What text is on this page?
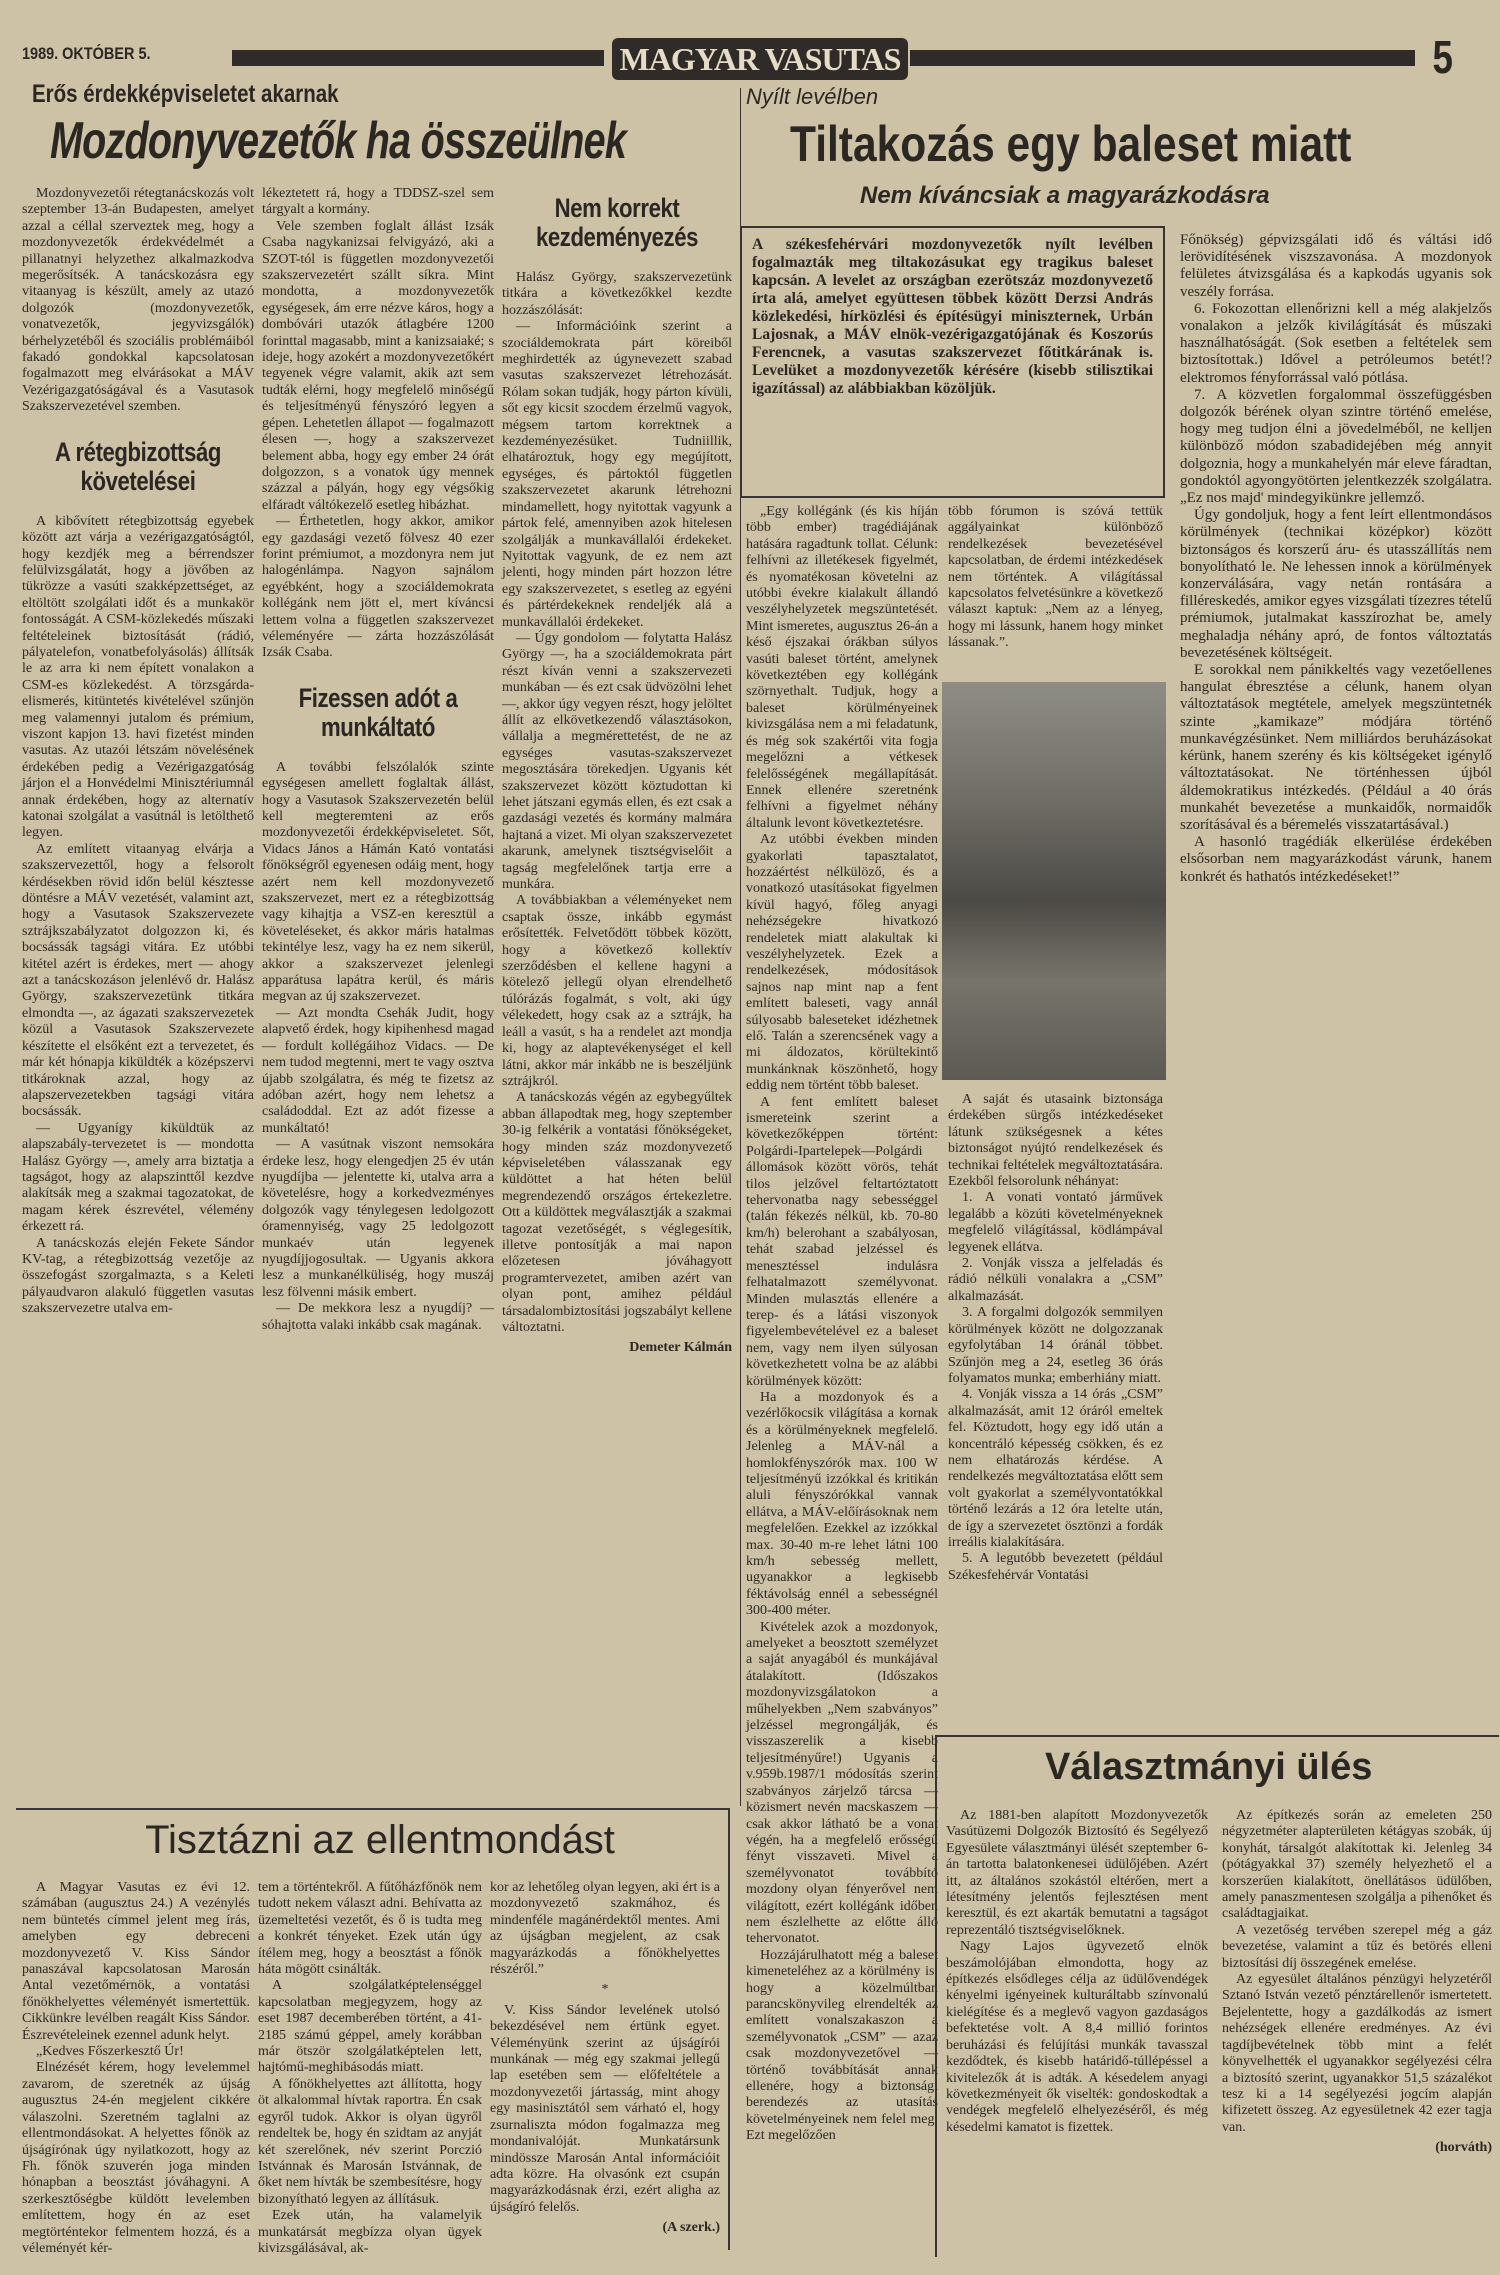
1989. OKTÓBER 5.	MAGYAR VASUTAS	5
Erős érdekképviseletet akarnak
Mozdonyvezetők ha összeülnek

Mozdonyvezetői rétegtanácskozás volt szeptember 13-án Budapesten, amelyet azzal a céllal szerveztek meg, hogy a mozdonyvezetők érdekvédelmét a pillanatnyi helyzethez alkalmazkodva megerősítsék. A tanácskozásra egy vitaanyag is készült, amely az utazó dolgozók (mozdonyvezetők, vonatvezetők, jegyvizsgálók) bérhelyzetéből és szociális problémáiból fakadó gondokkal kapcsolatosan fogalmazott meg elvárásokat a MÁV Vezérigazgatóságával és a Vasutasok Szakszervezetével szemben.

A rétegbizottság követelései

A kibővített rétegbizottság egyebek között azt várja a vezérigazgatóságtól, hogy kezdjék meg a bérrendszer felülvizsgálatát, hogy a jövőben az tükrözze a vasúti szakképzettséget, az eltöltött szolgálati időt és a munkakör fontosságát. A CSM-közlekedés műszaki feltételeinek biztosítását (rádió, pályatelefon, vonatbefolyásolás) állítsák le az arra ki nem épített vonalakon a CSM-es közlekedést. A törzsgárda-elismerés, kitüntetés kivételével szűnjön meg valamennyi jutalom és prémium, viszont kapjon 13. havi fizetést minden vasutas. Az utazói létszám növelésének érdekében pedig a Vezérigazgatóság járjon el a Honvédelmi Minisztériumnál annak érdekében, hogy az alternatív katonai szolgálat a vasútnál is letölthető legyen.

Az említett vitaanyag elvárja a szakszervezettől, hogy a felsorolt kérdésekben rövid időn belül késztesse döntésre a MÁV vezetését, valamint azt, hogy a Vasutasok Szakszervezete sztrájkszabályzatot dolgozzon ki, és bocsássák tagsági vitára. Ez utóbbi kitétel azért is érdekes, mert — ahogy azt a tanácskozáson jelenlévő dr. Halász György, szakszervezetünk titkára elmondta —, az ágazati szakszervezetek közül a Vasutasok Szakszervezete készítette el elsőként ezt a tervezetet, és már két hónapja kiküldték a középszervi titkároknak azzal, hogy az alapszervezetekben tagsági vitára bocsássák.

— Ugyanígy kiküldtük az alapszabály-tervezetet is — mondotta Halász György —, amely arra biztatja a tagságot, hogy az alapszinttől kezdve alakítsák meg a szakmai tagozatokat, de magam kérek észrevétel, vélemény érkezett rá.

A tanácskozás elején Fekete Sándor KV-tag, a rétegbizottság vezetője az összefogást szorgalmazta, s a Keleti pályaudvaron alakuló független vasutas szakszervezetre utalva em-

lékeztetett rá, hogy a TDDSZ-szel sem tárgyalt a kormány.

Vele szemben foglalt állást Izsák Csaba nagykanizsai felvigyázó, aki a SZOT-tól is független mozdonyvezetői szakszervezetért szállt síkra. Mint mondotta, a mozdonyvezetők egységesek, ám erre nézve káros, hogy a dombóvári utazók átlagbére 1200 forinttal magasabb, mint a kanizsaiaké; s ideje, hogy azokért a mozdonyvezetőkért tegyenek végre valamit, akik azt sem tudták elérni, hogy megfelelő minőségű és teljesítményű fényszóró legyen a gépen. Lehetetlen állapot — fogalmazott élesen —, hogy a szakszervezet belement abba, hogy egy ember 24 órát dolgozzon, s a vonatok úgy mennek százzal a pályán, hogy egy végsőkig elfáradt váltókezelő esetleg hibázhat.

— Érthetetlen, hogy akkor, amikor egy gazdasági vezető fölvesz 40 ezer forint prémiumot, a mozdonyra nem jut halogénlámpa. Nagyon sajnálom egyébként, hogy a szociáldemokrata kollégánk nem jött el, mert kíváncsi lettem volna a független szakszervezet véleményére — zárta hozzászólását Izsák Csaba.

Fizessen adót a munkáltató

A további felszólalók szinte egységesen amellett foglaltak állást, hogy a Vasutasok Szakszervezetén belül kell megteremteni az erős mozdonyvezetői érdekképviseletet. Sőt, Vidacs János a Hámán Kató vontatási főnökségről egyenesen odáig ment, hogy azért nem kell mozdonyvezető szakszervezet, mert ez a rétegbizottság vagy kihajtja a VSZ-en keresztül a követeléseket, és akkor máris hatalmas tekintélye lesz, vagy ha ez nem sikerül, akkor a szakszervezet jelenlegi apparátusa lapátra kerül, és máris megvan az új szakszervezet.

— Azt mondta Csehák Judit, hogy alapvető érdek, hogy kipihenhesd magad — fordult kollégáihoz Vidacs. — De nem tudod megtenni, mert te vagy osztva újabb szolgálatra, és még te fizetsz az adóban azért, hogy nem lehetsz a családoddal. Ezt az adót fizesse a munkáltató!

— A vasútnak viszont nemsokára érdeke lesz, hogy elengedjen 25 év után nyugdíjba — jelentette ki, utalva arra a követelésre, hogy a korkedvezményes dolgozók vagy ténylegesen ledolgozott óramennyiség, vagy 25 ledolgozott munkaév után legyenek nyugdíjjogosultak. — Ugyanis akkora lesz a munkanélküliség, hogy muszáj lesz fölvenni másik embert.

— De mekkora lesz a nyugdíj? — sóhajtotta valaki inkább csak magának.

Nem korrekt kezdeményezés

Halász György, szakszervezetünk titkára a következőkkel kezdte hozzászólását:

— Információink szerint a szociáldemokrata párt köreiből meghirdették az úgynevezett szabad vasutas szakszervezet létrehozását. Rólam sokan tudják, hogy párton kívüli, sőt egy kicsit szocdem érzelmű vagyok, mégsem tartom korrektnek a kezdeményezésüket. Tudniillik, elhatároztuk, hogy egy megújított, egységes, és pártoktól független szakszervezetet akarunk létrehozni mindamellett, hogy nyitottak vagyunk a pártok felé, amennyiben azok hitelesen szolgálják a munkavállalói érdekeket. Nyitottak vagyunk, de ez nem azt jelenti, hogy minden párt hozzon létre egy szakszervezetet, s esetleg az egyéni és pártérdekeknek rendeljék alá a munkavállalói érdekeket.

— Úgy gondolom — folytatta Halász György —, ha a szociáldemokrata párt részt kíván venni a szakszervezeti munkában — és ezt csak üdvözölni lehet —, akkor úgy vegyen részt, hogy jelöltet állít az elkövetkezendő választásokon, vállalja a megmérettetést, de ne az egységes vasutas-szakszervezet megosztására törekedjen. Ugyanis két szakszervezet között köztudottan ki lehet játszani egymás ellen, és ezt csak a gazdasági vezetés és kormány malmára hajtaná a vizet. Mi olyan szakszervezetet akarunk, amelynek tisztségviselőit a tagság megfelelőnek tartja erre a munkára.

A továbbiakban a véleményeket nem csaptak össze, inkább egymást erősítették. Felvetődött többek között, hogy a következő kollektív szerződésben el kellene hagyni a kötelező jellegű olyan elrendelhető túlórázás fogalmát, s volt, aki úgy vélekedett, hogy csak az a sztrájk, ha leáll a vasút, s ha a rendelet azt mondja ki, hogy az alaptevékenységet el kell látni, akkor már inkább ne is beszéljünk sztrájkról.

A tanácskozás végén az egybegyűltek abban állapodtak meg, hogy szeptember 30-ig felkérik a vontatási főnökségeket, hogy minden száz mozdonyvezető képviseletében válasszanak egy küldöttet a hat héten belül megrendezendő országos értekezletre. Ott a küldöttek megválasztják a szakmai tagozat vezetőségét, s véglegesítik, illetve pontosítják a mai napon előzetesen jóváhagyott programtervezetet, amiben azért van olyan pont, amihez például társadalombiztosítási jogszabályt kellene változtatni.

Demeter Kálmán

Nyílt levélben
Tiltakozás egy baleset miatt
Nem kíváncsiak a magyarázkodásra
A székesfehérvári mozdonyvezetők nyílt levélben fogalmazták meg tiltakozásukat egy tragikus baleset kapcsán. A levelet az országban ezerötszáz mozdonyvezető írta alá, amelyet együttesen többek között Derzsi András közlekedési, hírközlési és építésügyi miniszternek, Urbán Lajosnak, a MÁV elnök-vezérigazgatójának és Koszorús Ferencnek, a vasutas szakszervezet főtitkárának is. Levelüket a mozdonyvezetők kérésére (kisebb stilisztikai igazítással) az alábbiakban közöljük.

„Egy kollégánk (és kis híján több ember) tragédiájának hatására ragadtunk tollat. Célunk: felhívni az illetékesek figyelmét, és nyomatékosan követelni az utóbbi évekre kialakult állandó veszélyhelyzetek megszüntetését. Mint ismeretes, augusztus 26-án a késő éjszakai órákban súlyos vasúti baleset történt, amelynek következtében egy kollégánk szörnyethalt. Tudjuk, hogy a baleset körülményeinek kivizsgálása nem a mi feladatunk, és még sok szakértői vita fogja megelőzni a vétkesek felelősségének megállapítását. Ennek ellenére szeretnénk felhívni a figyelmet néhány általunk levont következtetésre.

Az utóbbi években minden gyakorlati tapasztalatot, hozzáértést nélkülöző, és a vonatkozó utasításokat figyelmen kívül hagyó, főleg anyagi nehézségekre hivatkozó rendeletek miatt alakultak ki veszélyhelyzetek. Ezek a rendelkezések, módosítások sajnos nap mint nap a fent említett baleseti, vagy annál súlyosabb baleseteket idézhetnek elő. Talán a szerencsének vagy a mi áldozatos, körültekintő munkánknak köszönhető, hogy eddig nem történt több baleset.

A fent említett baleset ismereteink szerint a következőképpen történt: Polgárdi-Ipartelepek—Polgárdi állomások között vörös, tehát tilos jelzővel feltartóztatott tehervonatba nagy sebességgel (talán fékezés nélkül, kb. 70-80 km/h) belerohant a szabályosan, tehát szabad jelzéssel és menesztéssel indulásra felhatalmazott személyvonat. Minden mulasztás ellenére a terep- és a látási viszonyok figyelembevételével ez a baleset nem, vagy nem ilyen súlyosan következhetett volna be az alábbi körülmények között:

Ha a mozdonyok és a vezérlőkocsik világítása a kornak és a körülményeknek megfelelő. Jelenleg a MÁV-nál a homlokfényszórók max. 100 W teljesítményű izzókkal és kritikán aluli fényszórókkal vannak ellátva, a MÁV-előírásoknak nem megfelelően. Ezekkel az izzókkal max. 30-40 m-re lehet látni 100 km/h sebesség mellett, ugyanakkor a legkisebb féktávolság ennél a sebességnél 300-400 méter.

Kivételek azok a mozdonyok, amelyeket a beosztott személyzet a saját anyagából és munkájával átalakított. (Időszakos mozdonyvizsgálatokon a műhelyekben „Nem szabványos” jelzéssel megrongálják, és visszaszerelik a kisebb teljesítményűre!) Ugyanis a v.959b.1987/1 módosítás szerint szabványos zárjelző tárcsa — közismert nevén macskaszem — csak akkor látható be a vonat végén, ha a megfelelő erősségű fényt visszaveti. Mivel a személyvonatot továbbító mozdony olyan fényerővel nem világított, ezért kollégánk időben nem észlelhette az előtte álló tehervonatot.

Hozzájárulhatott még a baleset kimeneteléhez az a körülmény is, hogy a közelmúltban parancskönyvileg elrendelték az említett vonalszakaszon a személyvonatok „CSM” — azaz csak mozdonyvezetővel — történő továbbítását annak ellenére, hogy a biztonsági berendezés az utasítás követelményeinek nem felel meg. Ezt megelőzően

több fórumon is szóvá tettük aggályainkat különböző rendelkezések bevezetésével kapcsolatban, de érdemi intézkedések nem történtek. A világítással kapcsolatos felvetésünkre a következő választ kaptuk: „Nem az a lényeg, hogy mi lássunk, hanem hogy minket lássanak.”.

A saját és utasaink biztonsága érdekében sürgős intézkedéseket látunk szükségesnek a kétes biztonságot nyújtó rendelkezések és technikai feltételek megváltoztatására. Ezekből felsorolunk néhányat:

1. A vonati vontató járművek legalább a közúti követelményeknek megfelelő világítással, ködlámpával legyenek ellátva.

2. Vonják vissza a jelfeladás és rádió nélküli vonalakra a „CSM” alkalmazását.

3. A forgalmi dolgozók semmilyen körülmények között ne dolgozzanak egyfolytában 14 óránál többet. Szűnjön meg a 24, esetleg 36 órás folyamatos munka; emberhiány miatt.

4. Vonják vissza a 14 órás „CSM” alkalmazását, amit 12 óráról emeltek fel. Köztudott, hogy egy idő után a koncentráló képesség csökken, és ez nem elhatározás kérdése. A rendelkezés megváltoztatása előtt sem volt gyakorlat a személyvontatókkal történő lezárás a 12 óra letelte után, de így a szervezetet ösztönzi a fordák irreális kialakítására.

5. A legutóbb bevezetett (például Székesfehérvár Vontatási

Főnökség) gépvizsgálati idő és váltási idő lerövidítésének viszszavonása. A mozdonyok felületes átvizsgálása és a kapkodás ugyanis sok veszély forrása.

6. Fokozottan ellenőrizni kell a még alakjelzős vonalakon a jelzők kivilágítását és műszaki használhatóságát. (Sok esetben a feltételek sem biztosítottak.) Idővel a petróleumos betét!? elektromos fényforrással való pótlása.

7. A közvetlen forgalommal összefüggésben dolgozók bérének olyan szintre történő emelése, hogy meg tudjon élni a jövedelméből, ne kelljen különböző módon szabadidejében még annyit dolgoznia, hogy a munkahelyén már eleve fáradtan, gondoktól agyongyötörten jelentkezzék szolgálatra. „Ez nos majd' mindegyikünkre jellemző.

Úgy gondoljuk, hogy a fent leírt ellentmondásos körülmények (technikai középkor) között biztonságos és korszerű áru- és utasszállítás nem bonyolítható le. Ne lehessen innok a körülmények konzerválására, vagy netán rontására a filléreskedés, amikor egyes vizsgálati tízezres tételű prémiumok, jutalmakat kasszírozhat be, amely meghaladja néhány apró, de fontos változtatás bevezetésének költségeit.

E sorokkal nem pánikkeltés vagy vezetőellenes hangulat ébresztése a célunk, hanem olyan változtatások megtétele, amelyek megszüntetnék szinte „kamikaze” módjára történő munkavégzésünket. Nem milliárdos beruházásokat kérünk, hanem szerény és kis költségeket igénylő változtatásokat. Ne történhessen újból áldemokratikus intézkedés. (Például a 40 órás munkahét bevezetése a munkaidők, normaidők szorításával és a béremelés visszatartásával.)

A hasonló tragédiák elkerülése érdekében elsősorban nem magyarázkodást várunk, hanem konkrét és hathatós intézkedéseket!”

Tisztázni az ellentmondást

A Magyar Vasutas ez évi 12. számában (augusztus 24.) A vezénylés nem büntetés címmel jelent meg írás, amelyben egy debreceni mozdonyvezető V. Kiss Sándor panaszával kapcsolatosan Marosán Antal vezetőmérnök, a vontatási főnökhelyettes véleményét ismertettük. Cikkünkre levélben reagált Kiss Sándor. Észrevételeinek ezennel adunk helyt.

„Kedves Főszerkesztő Úr!

Elnézését kérem, hogy levelemmel zavarom, de szeretnék az újság augusztus 24-én megjelent cikkére válaszolni. Szeretném taglalni az ellentmondásokat. A helyettes főnök az újságírónak úgy nyilatkozott, hogy az Fh. főnök szuverén joga minden hónapban a beosztást jóváhagyni. A szerkesztőségbe küldött levelemben említettem, hogy én az eset megtörténtekor felmentem hozzá, és a véleményét kér-

tem a történtekről. A fűtőházfőnök nem tudott nekem választ adni. Behívatta az üzemeltetési vezetőt, és ő is tudta meg a konkrét tényeket. Ezek után úgy ítélem meg, hogy a beosztást a főnök háta mögött csinálták.

A szolgálatképtelenséggel kapcsolatban megjegyzem, hogy az eset 1987 decemberében történt, a 41-2185 számú géppel, amely korábban már ötször szolgálatképtelen lett, hajtómű-meghibásodás miatt.

A főnökhelyettes azt állította, hogy öt alkalommal hívtak raportra. Én csak egyről tudok. Akkor is olyan ügyről rendeltek be, hogy én szidtam az anyját két szerelőnek, név szerint Porczió Istvánnak és Marosán Istvánnak, de őket nem hívták be szembesítésre, hogy bizonyítható legyen az állításuk.

Ezek után, ha valamelyik munkatársát megbízza olyan ügyek kivizsgálásával, ak-

kor az lehetőleg olyan legyen, aki ért is a mozdonyvezető szakmához, és mindenféle magánérdektől mentes. Ami az újságban megjelent, az csak magyarázkodás a főnökhelyettes részéről.”

*

V. Kiss Sándor levelének utolsó bekezdésével nem értünk egyet. Véleményünk szerint az újságírói munkának — még egy szakmai jellegű lap esetében sem — előfeltétele a mozdonyvezetői jártasság, mint ahogy egy masinisztától sem várható el, hogy zsurnaliszta módon fogalmazza meg mondanivalóját. Munkatársunk mindössze Marosán Antal információit adta közre. Ha olvasónk ezt csupán magyarázkodásnak érzi, ezért aligha az újságíró felelős.

(A szerk.)

Választmányi ülés

Az 1881-ben alapított Mozdonyvezetők Vasútüzemi Dolgozók Biztosító és Segélyező Egyesülete választmányi ülését szeptember 6-án tartotta balatonkenesei üdülőjében. Azért itt, az általános szokástól eltérően, mert a létesítmény jelentős fejlesztésen ment keresztül, és ezt akarták bemutatni a tagságot reprezentáló tisztségviselőknek.

Nagy Lajos ügyvezető elnök beszámolójában elmondotta, hogy az építkezés elsődleges célja az üdülővendégek kényelmi igényeinek kulturáltabb színvonalú kielégítése és a meglevő vagyon gazdaságos befektetése volt. A 8,4 millió forintos beruházási és felújítási munkák tavasszal kezdődtek, és kisebb határidő-túllépéssel a kivitelezők át is adták. A késedelem anyagi következményeit ők viselték: gondoskodtak a vendégek megfelelő elhelyezéséről, és még késedelmi kamatot is fizettek.

Az építkezés során az emeleten 250 négyzetméter alapterületen kétágyas szobák, új konyhát, társalgót alakítottak ki. Jelenleg 34 (pótágyakkal 37) személy helyezhető el a korszerűen kialakított, önellátásos üdülőben, amely panaszmentesen szolgálja a pihenőket és családtagjaikat.

A vezetőség tervében szerepel még a gáz bevezetése, valamint a tűz és betörés elleni biztosítási díj összegének emelése.

Az egyesület általános pénzügyi helyzetéről Sztanó István vezető pénztárellenőr ismertetett. Bejelentette, hogy a gazdálkodás az ismert nehézségek ellenére eredményes. Az évi tagdíjbevételnek több mint a felét könyvelhették el ugyanakkor segélyezési célra a biztosító szerint, ugyanakkor 51,5 százalékot tesz ki a 14 segélyezési jogcím alapján kifizetett összeg. Az egyesületnek 42 ezer tagja van.

(horváth)
